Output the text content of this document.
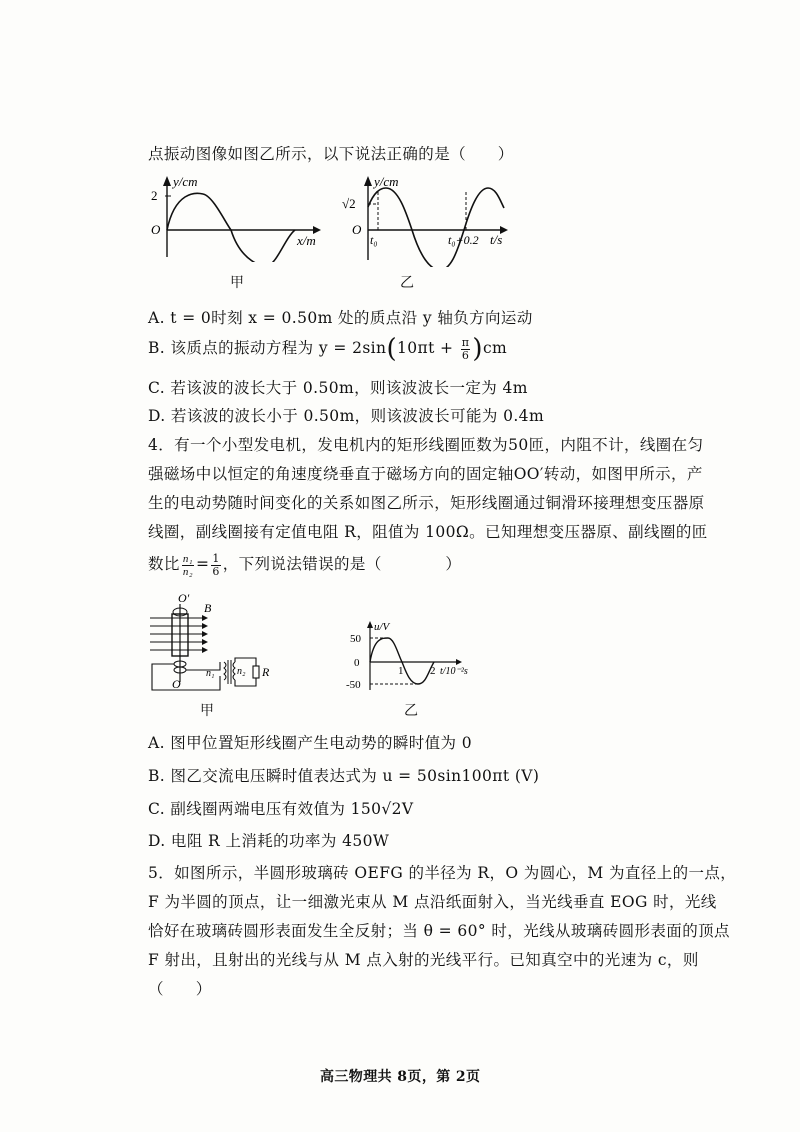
点振动图像如图乙所示，以下说法正确的是（　　）
2
y/cm
O
x/m
甲
√2
y/cm
O
t₀	t₀+0.2 t/s
乙
A. t = 0时刻 x = 0.50m 处的质点沿 y 轴负方向运动
B. 该质点的振动方程为 $y = 2\sin(10\pi t + \frac{\pi}{6} )cm$
C. 若该波的波长大于 0.50m，则该波波长一定为 4m
D. 若该波的波长小于 0.50m，则该波波长可能为 0.4m
4．有一个小型发电机，发电机内的矩形线圈匝数为50匝，内阻不计，线圈在匀
强磁场中以恒定的角速度绕垂直于磁场方向的固定轴OO′转动，如图甲所示，产
生的电动势随时间变化的关系如图乙所示，矩形线圈通过铜滑环接理想变压器原
线圈，副线圈接有定值电阻 R，阻值为 100Ω。已知理想变压器原、副线圈的匝
数比 $\frac{\text{n₁}}{\text{n₂}} = \frac{1}{6}$ ，下列说法错误的是（　　　　）
O′
B
O
n₁ n₂ R
甲
u/V
50
0
-50
1 2 t/10⁻²s
乙
A. 图甲位置矩形线圈产生电动势的瞬时值为 0
B. 图乙交流电压瞬时值表达式为 u = 50sin100πt (V)
C. 副线圈两端电压有效值为 150√2V
D. 电阻 R 上消耗的功率为 450W
5．如图所示，半圆形玻璃砖 OEFG 的半径为 R，O 为圆心，M 为直径上的一点，
F 为半圆的顶点，让一细激光束从 M 点沿纸面射入，当光线垂直 EOG 时，光线
恰好在玻璃砖圆形表面发生全反射；当 θ = 60° 时，光线从玻璃砖圆形表面的顶点
F 射出，且射出的光线与从 M 点入射的光线平行。已知真空中的光速为 c，则
（　　）
高三物理共 8页，第 2页
